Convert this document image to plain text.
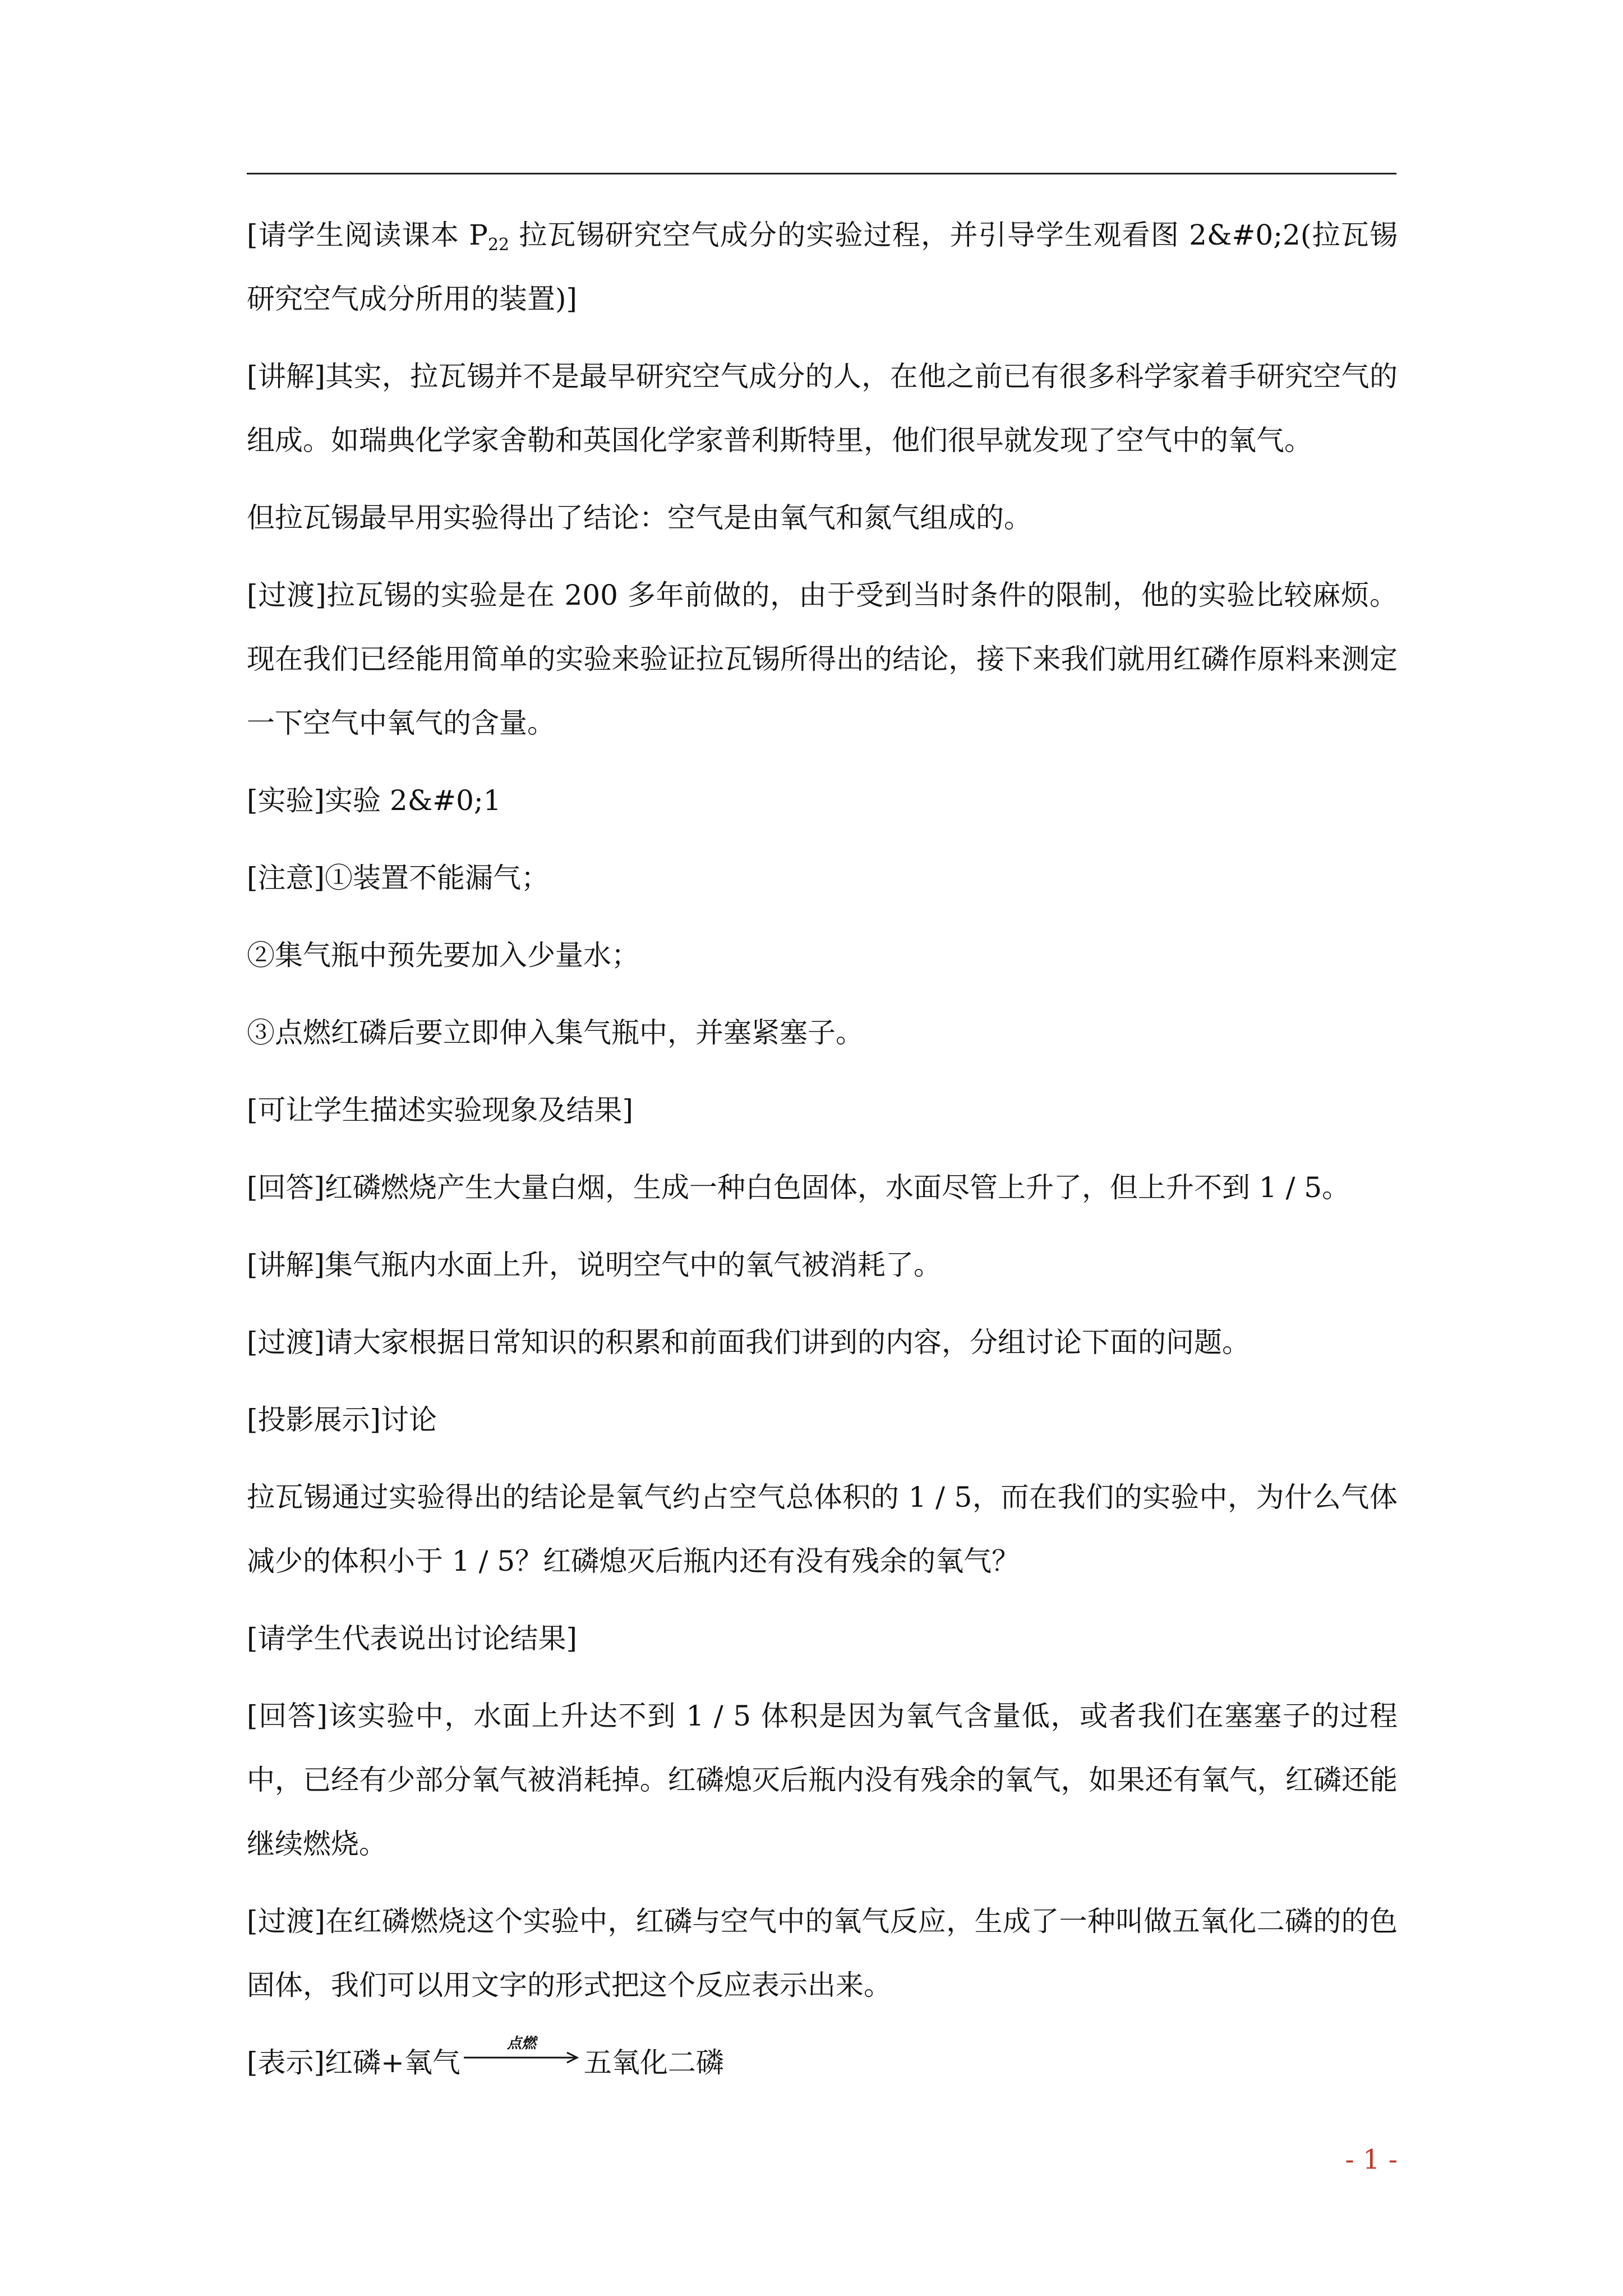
[请学生阅读课本 $P_{22}$ 拉瓦锡研究空气成分的实验过程，并引导学生观看图 2&#0;2(拉瓦锡研究空气成分所用的装置)]

[讲解]其实，拉瓦锡并不是最早研究空气成分的人，在他之前已有很多科学家着手研究空气的组成。如瑞典化学家舍勒和英国化学家普利斯特里，他们很早就发现了空气中的氧气。

但拉瓦锡最早用实验得出了结论：空气是由氧气和氮气组成的。

[过渡]拉瓦锡的实验是在 200 多年前做的，由于受到当时条件的限制，他的实验比较麻烦。现在我们已经能用简单的实验来验证拉瓦锡所得出的结论，接下来我们就用红磷作原料来测定一下空气中氧气的含量。

[实验]实验 2&#0;1

[注意]①装置不能漏气；

②集气瓶中预先要加入少量水；

③点燃红磷后要立即伸入集气瓶中，并塞紧塞子。

[可让学生描述实验现象及结果]

[回答]红磷燃烧产生大量白烟，生成一种白色固体，水面尽管上升了，但上升不到 1 / 5。

[讲解]集气瓶内水面上升，说明空气中的氧气被消耗了。

[过渡]请大家根据日常知识的积累和前面我们讲到的内容，分组讨论下面的问题。

[投影展示]讨论

拉瓦锡通过实验得出的结论是氧气约占空气总体积的 1 / 5，而在我们的实验中，为什么气体减少的体积小于 1 / 5？红磷熄灭后瓶内还有没有残余的氧气？

[请学生代表说出讨论结果]

[回答]该实验中，水面上升达不到 1 / 5 体积是因为氧气含量低，或者我们在塞塞子的过程中，已经有少部分氧气被消耗掉。红磷熄灭后瓶内没有残余的氧气，如果还有氧气，红磷还能继续燃烧。

[过渡]在红磷燃烧这个实验中，红磷与空气中的氧气反应，生成了一种叫做五氧化二磷的的色固体，我们可以用文字的形式把这个反应表示出来。

[表示]红磷+氧气
点燃
五氧化二磷

- 1 -
